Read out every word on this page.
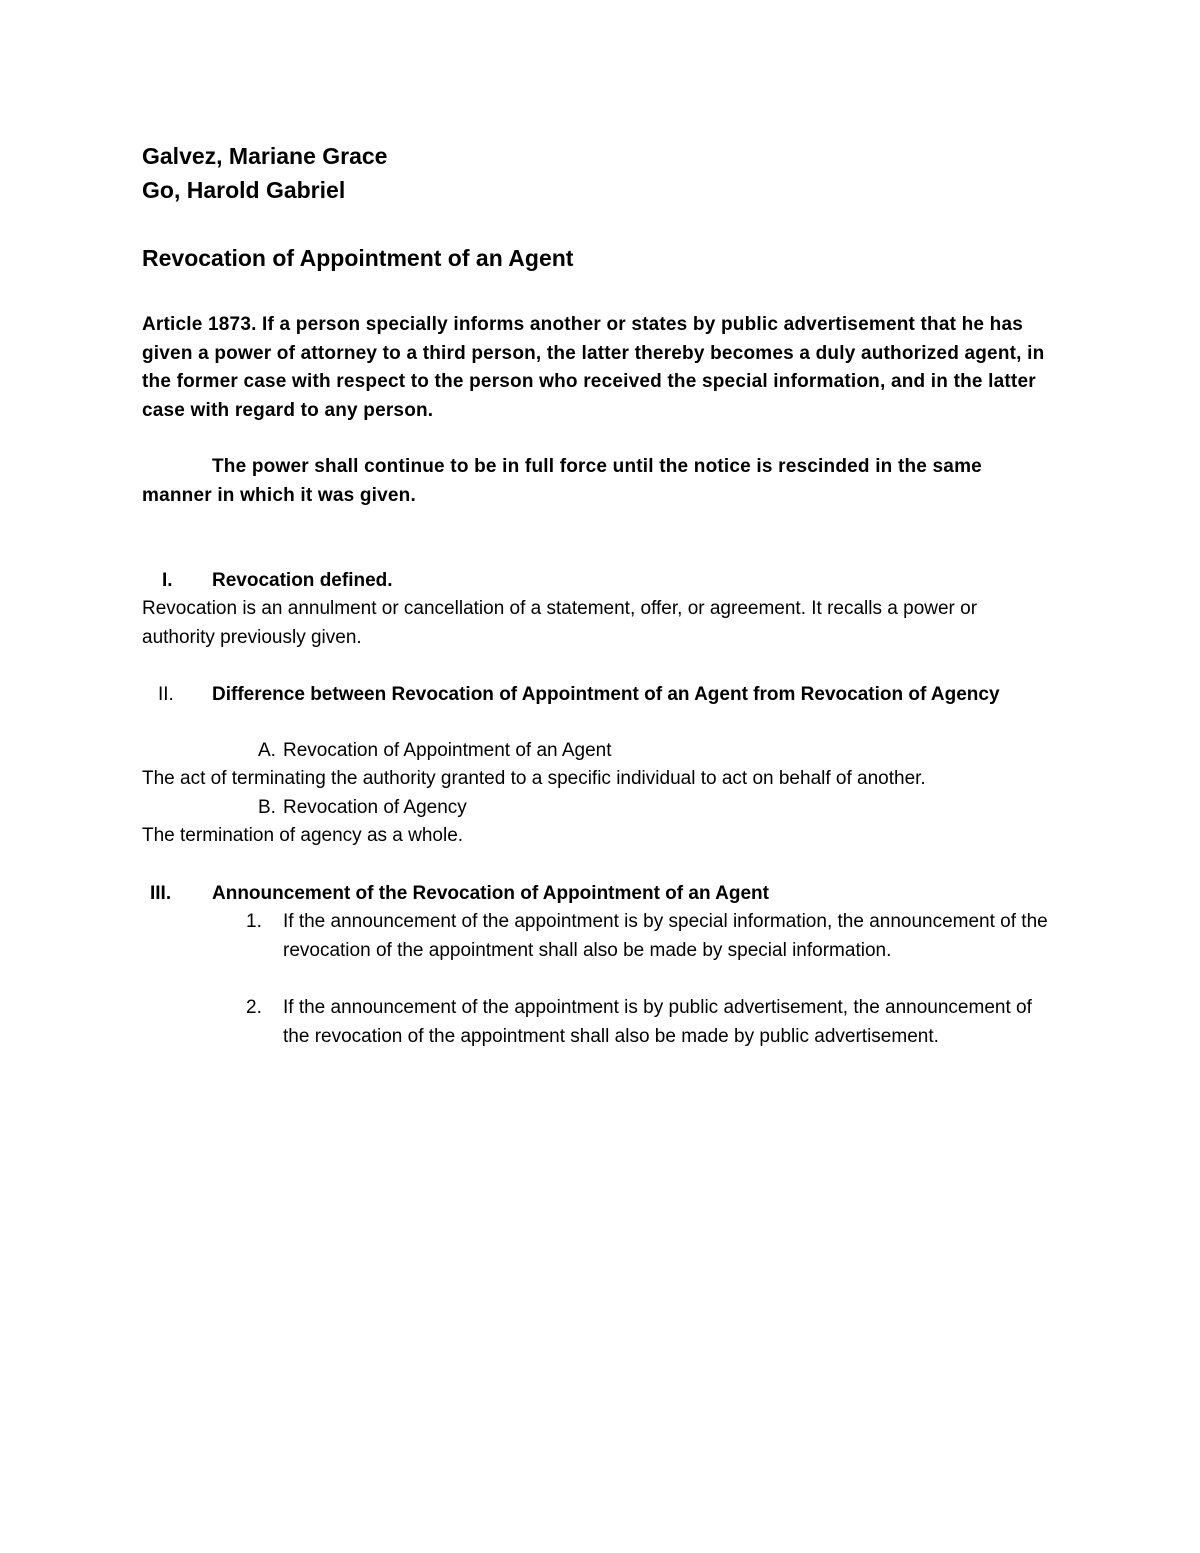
Galvez, Mariane Grace
Go, Harold Gabriel
Revocation of Appointment of an Agent
Article 1873. If a person specially informs another or states by public advertisement that he has given a power of attorney to a third person, the latter thereby becomes a duly authorized agent, in the former case with respect to the person who received the special information, and in the latter case with regard to any person.
The power shall continue to be in full force until the notice is rescinded in the same manner in which it was given.
I. Revocation defined.
Revocation is an annulment or cancellation of a statement, offer, or agreement. It recalls a power or authority previously given.
II. Difference between Revocation of Appointment of an Agent from Revocation of Agency
A. Revocation of Appointment of an Agent
The act of terminating the authority granted to a specific individual to act on behalf of another.
B. Revocation of Agency
The termination of agency as a whole.
III. Announcement of the Revocation of Appointment of an Agent
1. If the announcement of the appointment is by special information, the announcement of the revocation of the appointment shall also be made by special information.
2. If the announcement of the appointment is by public advertisement, the announcement of the revocation of the appointment shall also be made by public advertisement.
